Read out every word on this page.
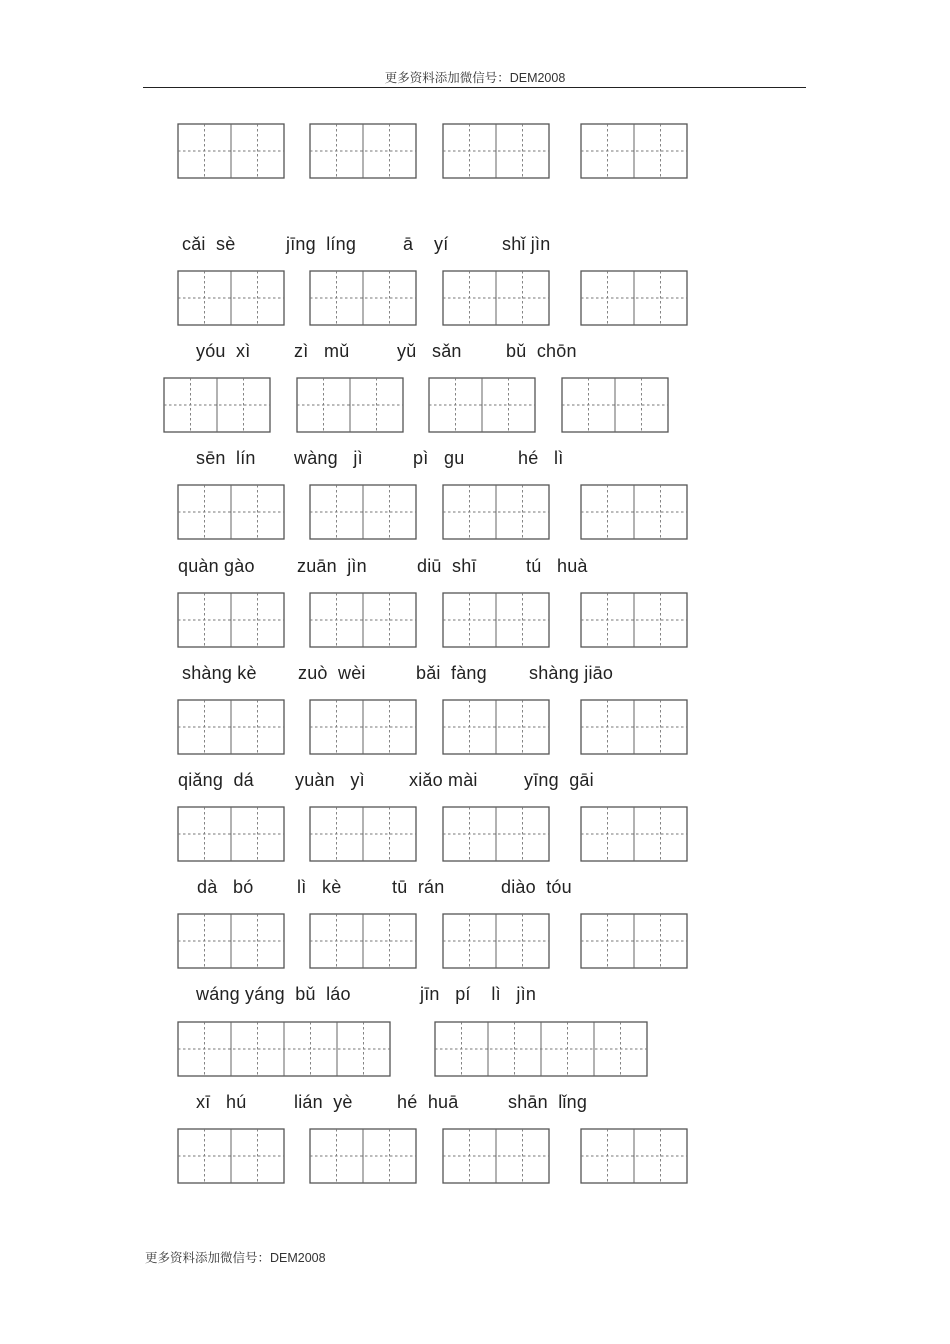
更多资料添加微信号：DEM2008
cǎi  sè	jīng  líng	ā    yí	shǐ jìn
yóu  xì zì   mǔ	yǔ   sǎn bǔ  chōn
sēn  lín wàng   jì	pì   gu	hé   lì
quàn gào zuān  jìn	diū  shī	tú   huà
shàng kè zuò  wèi	bǎi  fàng shàng jiāo
qiǎng  dá yuàn   yì xiǎo mài	yīng  gāi
dà   bó lì   kè	tū  rán	diào  tóu
wáng yáng  bǔ  láo	jīn   pí    lì   jìn
xī   hú	lián  yè hé  huā	shān  lǐng
更多资料添加微信号：DEM2008
